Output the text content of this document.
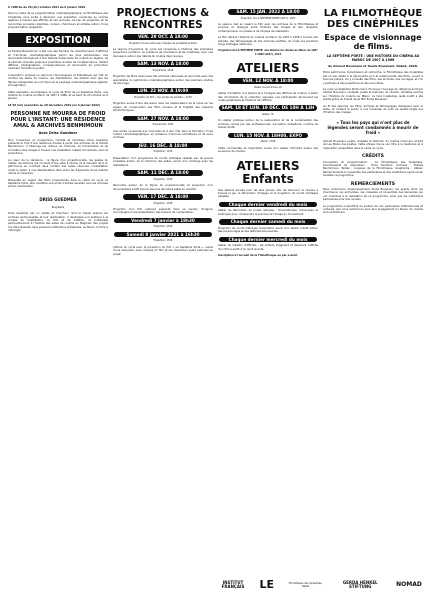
À l'affiche du 28 (sic) octobre 2021 au 6 janvier 2022
Dans le cadre de sa programmation cinématographique, la Filmothèque des Cinéphiles vous invite à découvrir une exposition consacrée au cinéma algérien à travers ses affiches et ses archives. Ce lieu de projection et de rencontres accueille cinéphiles, curieux, chercheurs et artistes autour d'une programmation exigeante.
EXPOSITION
La Famille Benmimoun a été une des familles de collectionneurs d'affiches et d'archives cinématographiques parmi les plus importantes. Ces documents témoignent d'une histoire foisonnante du cinéma en Algérie, de la période coloniale jusqu'aux premières années de l'indépendance, mêlant affiches, photographies, correspondances et documents de production rarement montrés au public.
L'exposition propose un parcours chronologique et thématique qui met en lumière les salles de cinéma, les distributeurs, les studios ainsi que les figures marquantes qui ont façonné le paysage cinématographique algérien et maghrébin.
Cette exposition accompagne le cycle de films de La Septième Porte, une histoire du cinéma au Maroc de 1907 à 1986, et se tient du 29 octobre au 6 janvier.
LE 28 (sic) novembre au 28 décembre 2021 (ou 6 janvier 2022)
PERSONNE NE MOURRA DE FROID POUR L'INSTANT: UNE RÉSIDENCE AMAL & ARCHIVES BENMIMOUN
Avec Driss Guedmer
Pour l'ouverture du programme, l'artiste et chercheur Driss Guedmer présente le fruit d'une résidence menée à partir des archives de la famille Benmimoun. Il interroge les notions de mémoire, de transmission et de circulation des images à travers une installation mêlant documents, sons et projections.
Au cœur de la résidence : la figure d'un projectionniste, les gestes du métier, les bobines qui circulent d'une salle à l'autre, et la manière dont un patrimoine se construit dans l'ombre des salles obscures. L'installation invite le public à une déambulation libre entre les fragments d'une histoire intime et collective.
Présentée en regard des films programmés dans le cadre du cycle La Septième Porte, elle constitue une porte d'entrée sensible vers les archives et leur réactivation.
DRISS GUEDMER
Biographie
Driss Guedmer est un artiste et chercheur dont le travail explore les archives audiovisuelles et leur réactivation. Il développe une pratique à la croisée de l'installation, du film et de l'édition, et s'intéresse particulièrement à l'histoire des salles de cinéma au Maghreb. Ses projets ont été présentés dans plusieurs institutions et festivals, au Maroc comme à l'étranger.
PROJECTIONS & RENCONTRES
VEN. 29 OCT. À 18:00
Projection et rencontre avec l'équipe de La Septième Porte
La séance d'ouverture du cycle est consacrée à l'histoire des premières projections au Maroc, en présence de chercheurs et de cinéphiles, avec une discussion autour des débuts du cinéma dans le pays.
SAM. 13 NOV. À 18:00
Programme, 1h18
Projection de films rares issus des archives nationales et rencontre avec des spécialistes du patrimoine cinématographique autour des premiers studios de tournage.
LUN. 22 NOV. À 19:00
Projection du film « Aux portes du paradis », 1h35
Projection suivie d'une discussion avec les restaurateurs de la copie sur les enjeux de conservation des films anciens et la fragilité des supports photochimiques.
SAM. 27 NOV. À 18:00
Programme, 1h25
Une soirée consacrée aux ciné-clubs et à leur rôle dans la formation d'une culture cinématographique, en présence d'anciens animateurs et de leurs archives.
JEU. 16 DÉC. À 18:00
Projection, 1h30
Présentation d'un programme de courts métrages réalisés par de jeunes cinéastes autour de la mémoire des salles, suivie d'un échange avec les réalisateurs.
SAM. 11 DÉC. À 18:00
Projection, 1h40
Rencontre autour de la figure du projectionniste et projection d'un documentaire inédit tourné dans les dernières salles en activité.
VEN. 17 DÉC. À 18:00
Projection, 1h28
Projection d'un film restauré présenté dans sa version d'origine, accompagné d'une présentation des travaux de numérisation.
Vendredi 7 janvier à 18h30
Projection, 1h20
Samedi 8 janvier 2021 à 16h30
Projection, 1h30
Clôture du cycle avec la projection du film « La Septième Porte », suivie d'une discussion avec l'équipe du film et les chercheurs ayant participé au projet.
SAM. 15 JAN. 2022 À 18:00
Projection de LA SEPTIÈME PORTE (2017), 1h23
La séance met en regard le film avec les archives de la Filmothèque et propose un dialogue entre l'histoire des images et leur réception contemporaine, en présence de l'équipe de réalisation.
Le film retrace l'histoire du cinéma au Maroc de 1907 à 1986 à travers des extraits, des témoignages et des archives inédites, du muet aux premiers longs métrages nationaux.
Projection de LA SEPTIÈME PORTE: une histoire du cinéma au Maroc de 1907 à 1986 (2017), 1h23
ATELIERS
VEN. 12 NOV. À 18:00
Atelier ouvert à tous, 2h
Atelier d'initiation à la lecture et à l'analyse des affiches de cinéma, à partir des documents de la collection exposée. Les participants découvrent les codes graphiques et l'histoire de l'affiche.
SAM. 18 ET LUN. 19 DÉC. DE 10H À 13H
Atelier, 3h
Un atelier pratique autour de la restauration et de la numérisation des archives, animé par des professionnels. Inscription obligatoire, nombre de places limité.
LUN. 15 NOV. À 18H00, EXPO
Atelier, 1h30
Visite commentée de l'exposition suivie d'un atelier d'écriture autour des souvenirs de cinéma.
ATELIERS Enfants
Des ateliers pensés pour les plus jeunes, afin de découvrir le cinéma à travers le jeu, la fabrication d'images et la projection de courts métrages adaptés.
Chaque dernier vendredi du mois
Atelier de fabrication de jouets optiques : thaumatropes, folioscopes et zootropes pour comprendre le principe de l'image en mouvement.
Chaque dernier samedi du mois
Projection de courts métrages d'animation suivie d'un atelier créatif autour des personnages et des histoires découvertes.
Chaque dernier mercredi du mois
Atelier de création d'affiches : les enfants imaginent et dessinent l'affiche d'un film à partir d'un récit raconté.
Inscription à l'accueil de la Filmothèque ou par e-mail.
LA FILMOTHÈQUE DES CINÉPHILES
Espace de visionnage de films.
LA SEPTIÈME PORTE : UNE HISTOIRE DU CINÉMA AU MAROC DE 1907 À 1986
de Ahmed Bouanani et Touda Bouanani. Rabat, 2020.
Entre patrimoine, transmission et recherche, la Filmothèque des Cinéphiles est un lieu dédié à la découverte et à la redécouverte des films, ouvert à tous les publics. On y consulte des films, des archives, des ouvrages, et l'on y participe à des projections et des rencontres.
Le cycle La Septième Porte met à l'honneur l'ouvrage de référence écrit par Ahmed Bouanani, cinéaste, poète et historien du cinéma. Véritable somme sur l'histoire du cinéma au Maroc, ce livre longtemps resté inédit a été publié grâce au travail de sa fille Touda Bouanani.
Au fil des séances, les films, archives et témoignages dialoguent avec le texte, et invitent le public à une traversée de près de quatre-vingts ans d'histoire des images.
« Tous les pays qui n'ont plus de légendes seront condamnés à mourir de froid »
Ahmed Bouanani, poète, cinéaste et historien du cinéma marocain, extrait de Les Mains des poètes. Cette phrase donne son titre à la résidence et à l'exposition présentées dans le cadre du cycle.
CRÉDITS
Conception et programmation : La Filmothèque des Cinéphiles. Commissariat de l'exposition : Driss Guedmer. Archives : Famille Benmimoun. Textes : L'équipe de la Filmothèque. Graphisme : Atelier. Remerciements à l'ensemble des partenaires et des institutions ayant rendu possible ce programme.
REMERCIEMENTS
Nous remercions chaleureusement Touda Bouanani, les ayants droit, les chercheurs, les archivistes, les cinéastes et l'ensemble des bénévoles qui ont contribué à la réalisation de ce programme, ainsi que les institutions partenaires pour leur soutien.
Le programme a bénéficié du soutien de nos partenaires institutionnels et culturels, que nous remercions pour leur engagement en faveur du cinéma et du patrimoine.
INSTITUT FRANÇAIS	LE	Filmothèque des Cinéphiles, Rabat
GERDA HENKEL STIFTUNG	NOMAD
